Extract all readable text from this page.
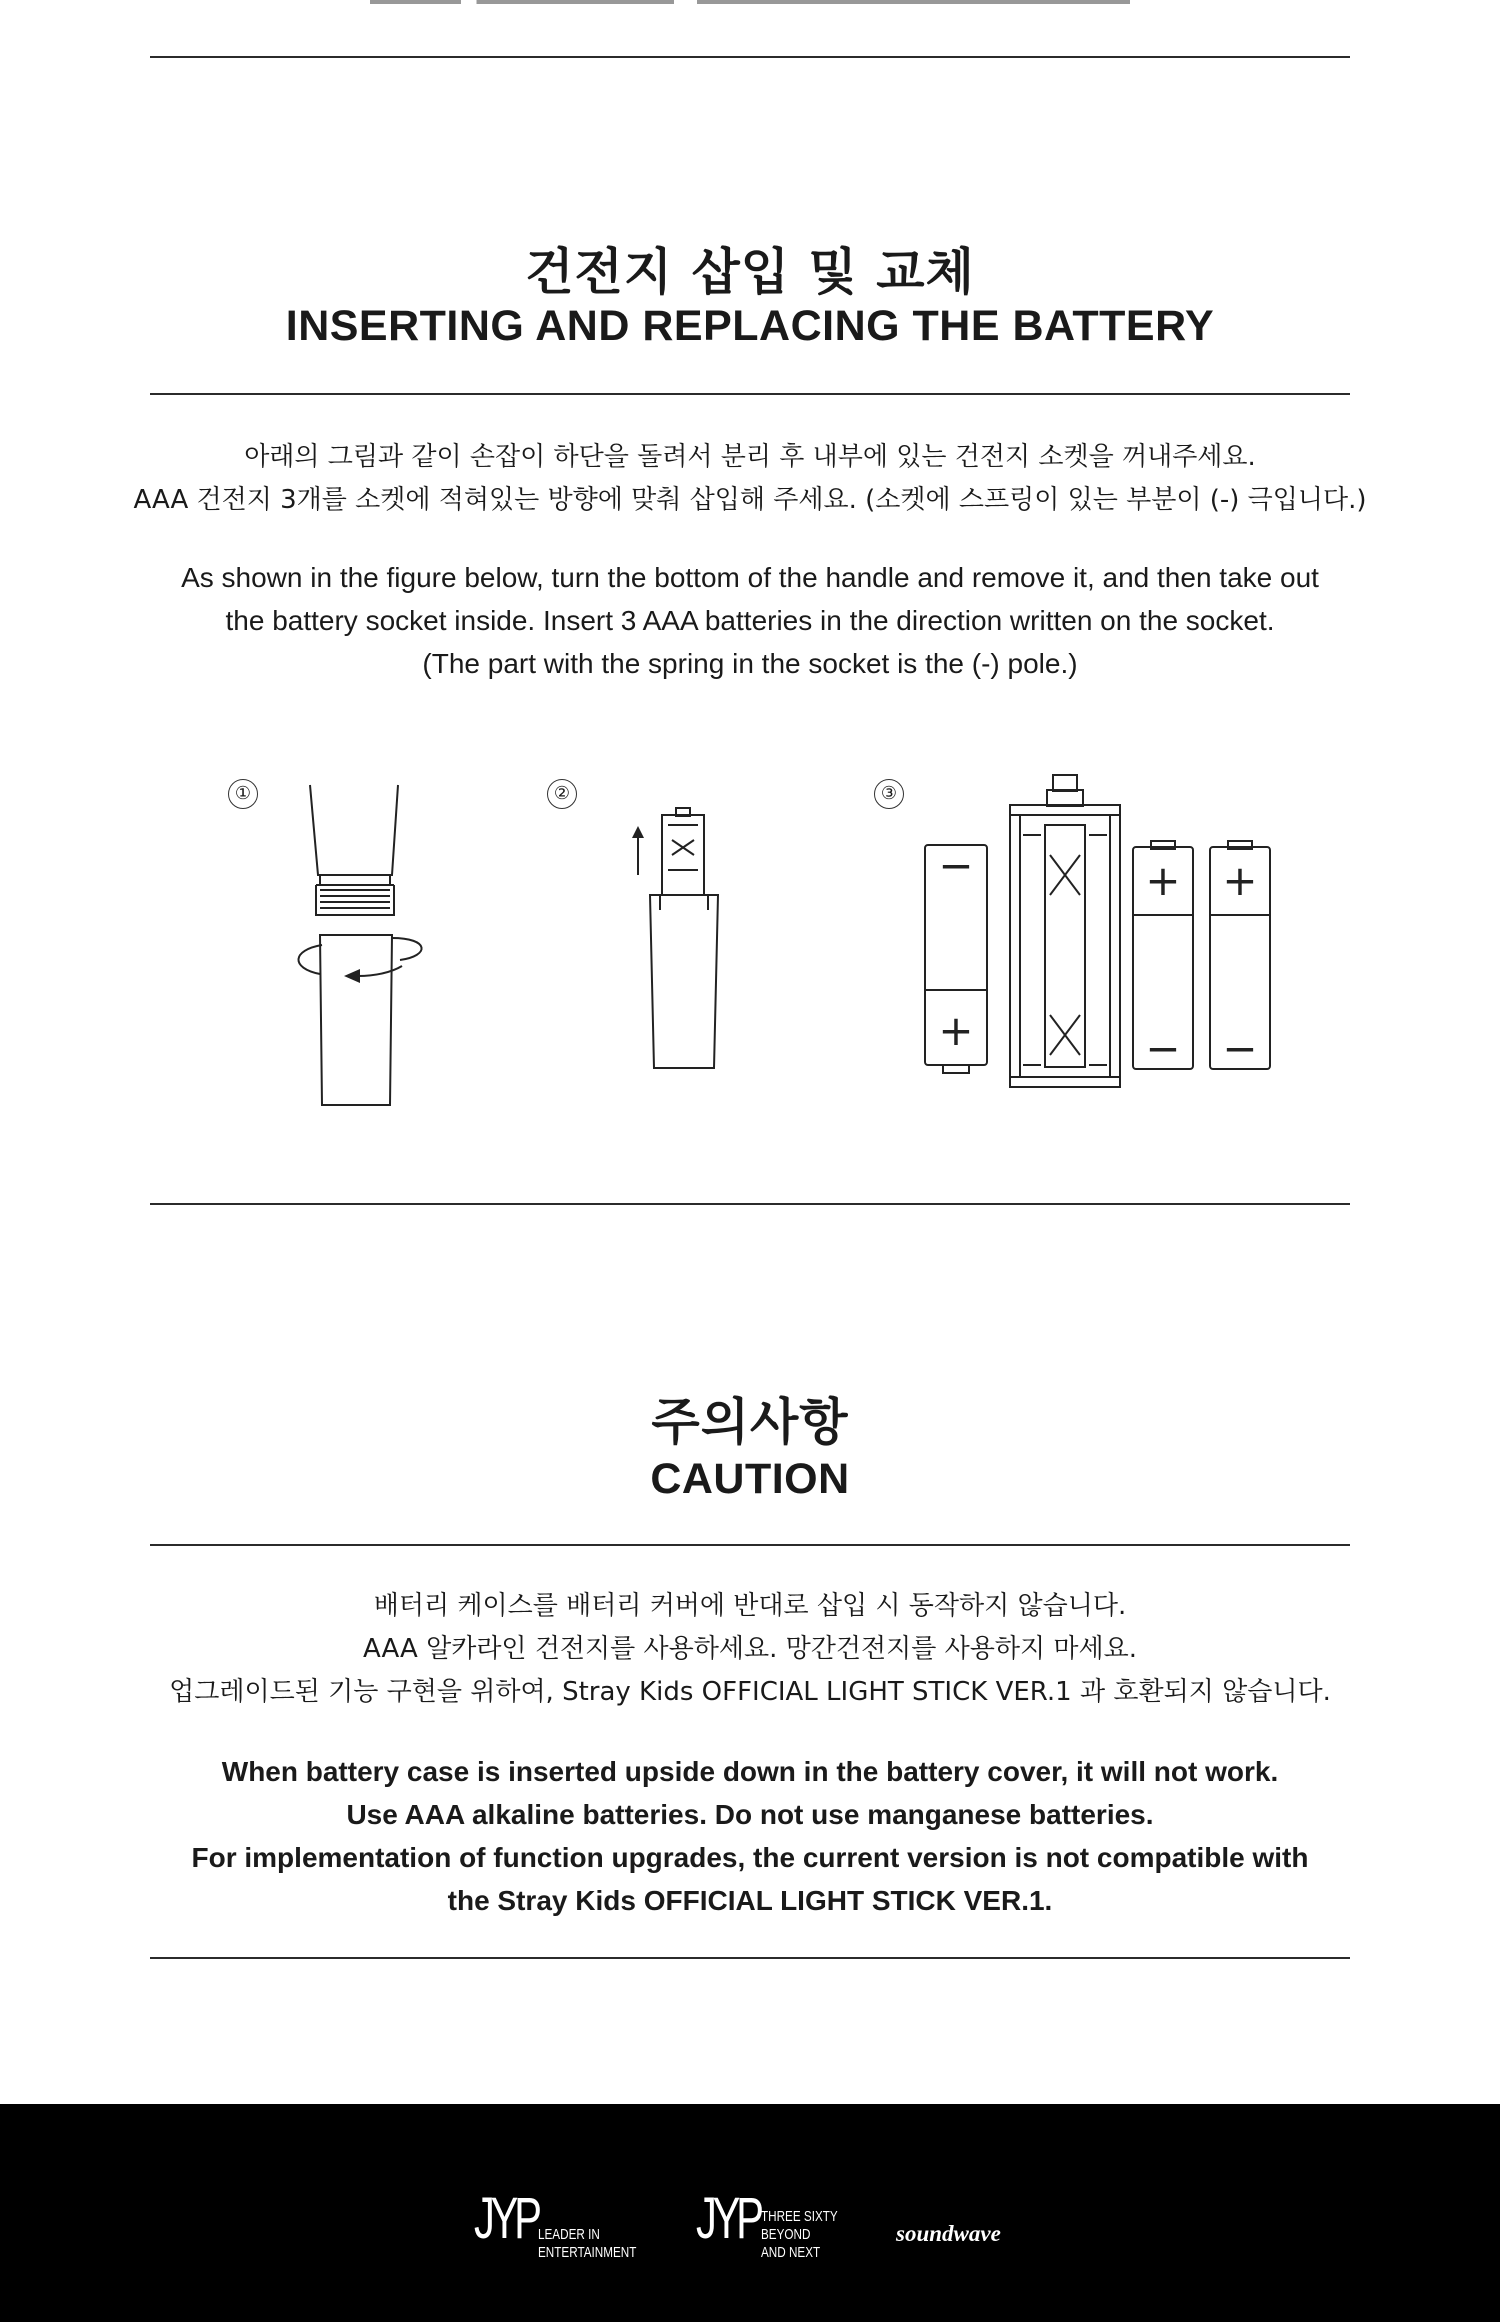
건전지 삽입 및 교체
INSERTING AND REPLACING THE BATTERY
아래의 그림과 같이 손잡이 하단을 돌려서 분리 후 내부에 있는 건전지 소켓을 꺼내주세요.
AAA 건전지 3개를 소켓에 적혀있는 방향에 맞춰 삽입해 주세요. (소켓에 스프링이 있는 부분이 (-) 극입니다.)
As shown in the figure below, turn the bottom of the handle and remove it, and then take out
the battery socket inside. Insert 3 AAA batteries in the direction written on the socket.
(The part with the spring in the socket is the (-) pole.)
①	②	③
−
+
+
−
+
−
주의사항
CAUTION
배터리 케이스를 배터리 커버에 반대로 삽입 시 동작하지 않습니다.
AAA 알카라인 건전지를 사용하세요. 망간건전지를 사용하지 마세요.
업그레이드된 기능 구현을 위하여, Stray Kids OFFICIAL LIGHT STICK VER.1 과 호환되지 않습니다.
When battery case is inserted upside down in the battery cover, it will not work.
Use AAA alkaline batteries. Do not use manganese batteries.
For implementation of function upgrades, the current version is not compatible with
the Stray Kids OFFICIAL LIGHT STICK VER.1.
JYP LEADER IN
ENTERTAINMENT
JYP THREE SIXTY
BEYOND
AND NEXT
soundwave
